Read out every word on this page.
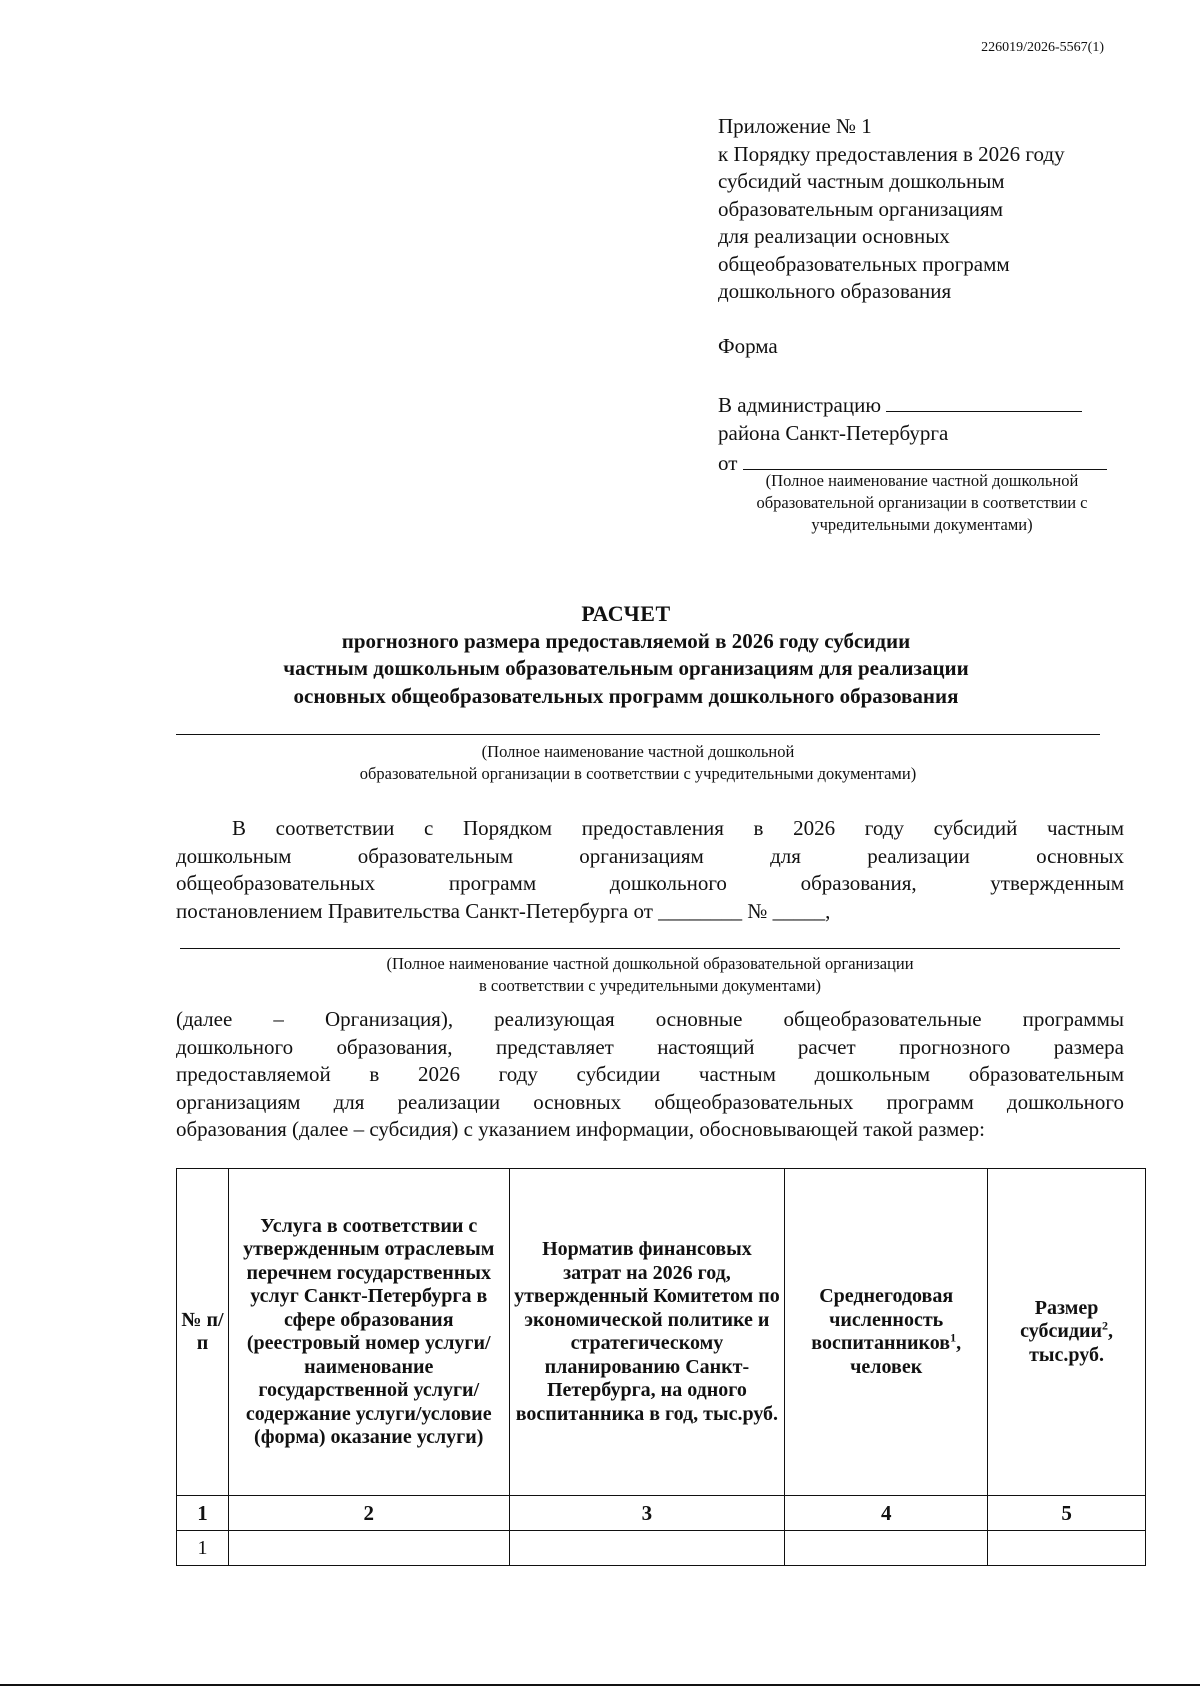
226019/2026-5567(1)
Приложение № 1
к Порядку предоставления в 2026 году
субсидий частным дошкольным
образовательным организациям
для реализации основных
общеобразовательных программ
дошкольного образования
Форма
В администрацию
района Санкт-Петербурга
от
(Полное наименование частной дошкольной образовательной организации в соответствии с учредительными документами)
РАСЧЕТ
прогнозного размера предоставляемой в 2026 году субсидии
частным дошкольным образовательным организациям для реализации
основных общеобразовательных программ дошкольного образования
(Полное наименование частной дошкольной
образовательной организации в соответствии с учредительными документами)
В соответствии с Порядком предоставления в 2026 году субсидий частным
дошкольным образовательным организациям для реализации основных
общеобразовательных программ дошкольного образования, утвержденным
постановлением Правительства Санкт-Петербурга от ________ № _____,
(Полное наименование частной дошкольной образовательной организации
в соответствии с учредительными документами)
(далее – Организация), реализующая основные общеобразовательные программы
дошкольного образования, представляет настоящий расчет прогнозного размера
предоставляемой в 2026 году субсидии частным дошкольным образовательным
организациям для реализации основных общеобразовательных программ дошкольного
образования (далее – субсидия) с указанием информации, обосновывающей такой размер:
№ п/п	Услуга в соответствии с утвержденным отраслевым перечнем государственных услуг Санкт-Петербурга в сфере образования (реестровый номер услуги/наименование государственной услуги/содержание услуги/условие (форма) оказание услуги)	Норматив финансовых затрат на 2026 год, утвержденный Комитетом по экономической политике и стратегическому планированию Санкт-Петербурга, на одного воспитанника в год, тыс.руб.	Среднегодовая численность воспитанников$^1$, человек	Размер субсидии$^2$, тыс.руб.
1	2	3	4	5
1				
